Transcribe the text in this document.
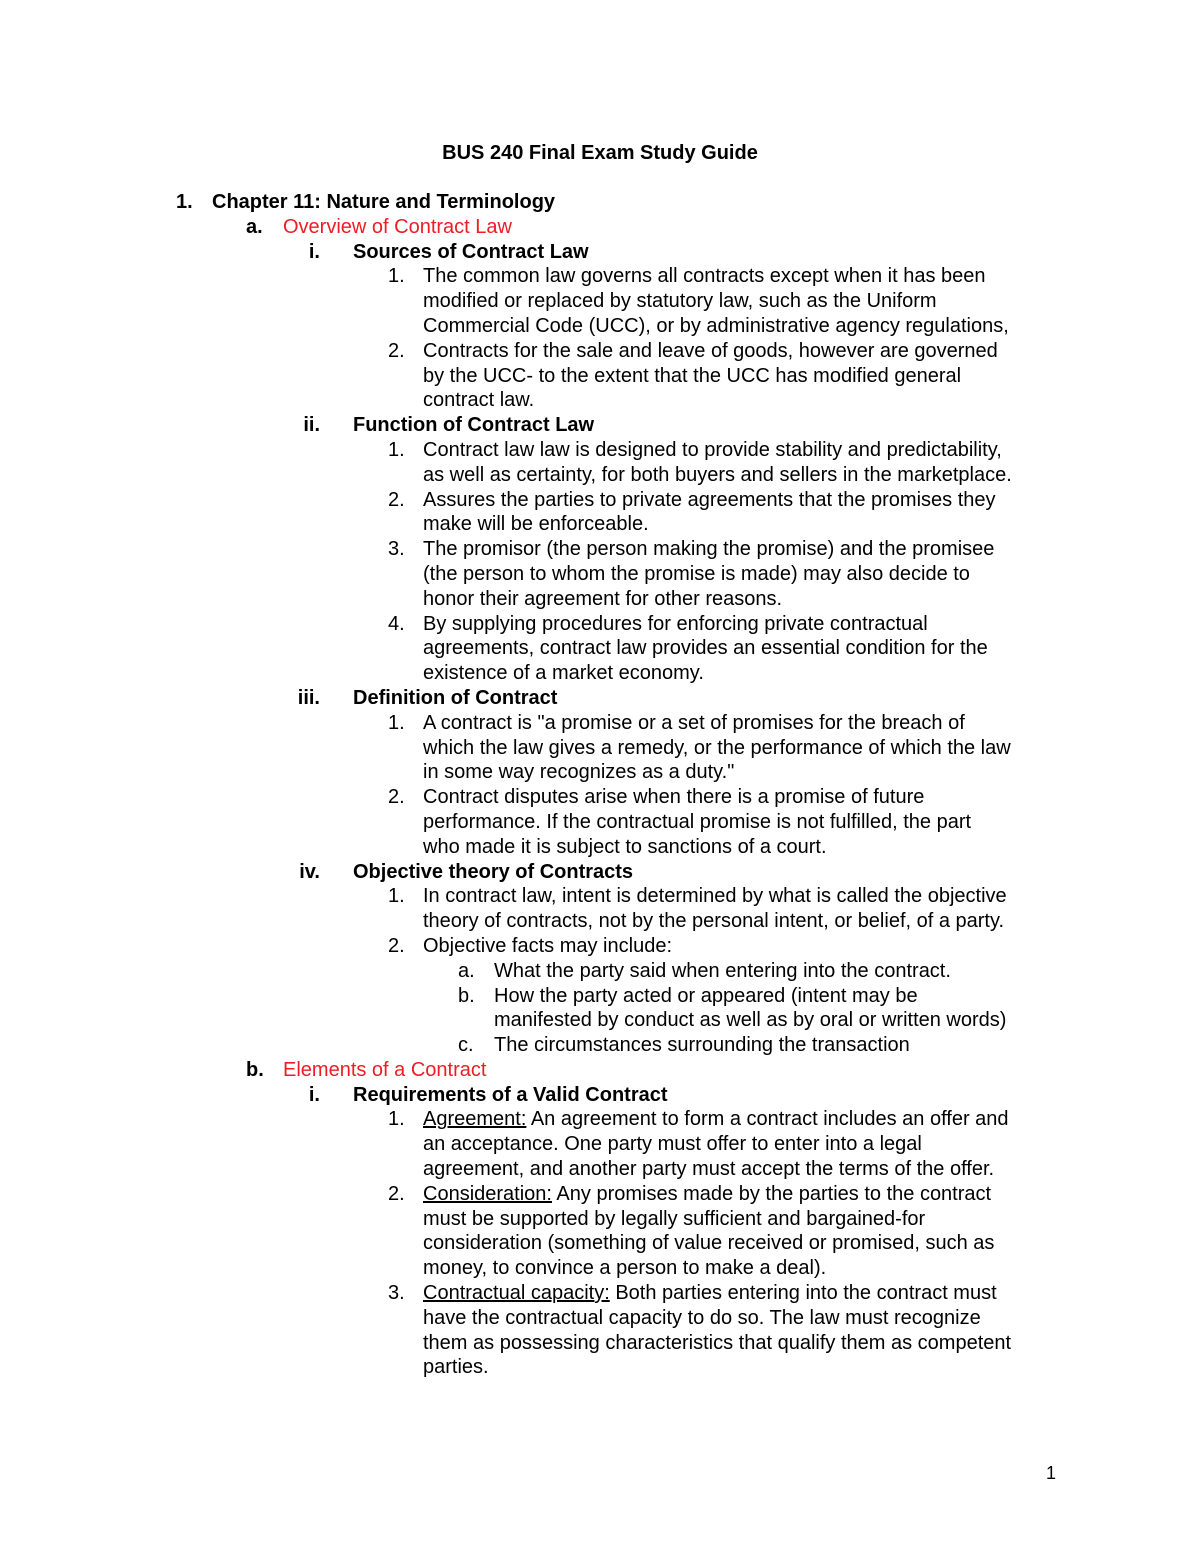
BUS 240 Final Exam Study Guide
1. Chapter 11: Nature and Terminology
a. Overview of Contract Law
i. Sources of Contract Law
1. The common law governs all contracts except when it has been
modified or replaced by statutory law, such as the Uniform
Commercial Code (UCC), or by administrative agency regulations,
2. Contracts for the sale and leave of goods, however are governed
by the UCC- to the extent that the UCC has modified general
contract law.
ii. Function of Contract Law
1. Contract law law is designed to provide stability and predictability,
as well as certainty, for both buyers and sellers in the marketplace.
2. Assures the parties to private agreements that the promises they
make will be enforceable.
3. The promisor (the person making the promise) and the promisee
(the person to whom the promise is made) may also decide to
honor their agreement for other reasons.
4. By supplying procedures for enforcing private contractual
agreements, contract law provides an essential condition for the
existence of a market economy.
iii. Definition of Contract
1. A contract is "a promise or a set of promises for the breach of
which the law gives a remedy, or the performance of which the law
in some way recognizes as a duty."
2. Contract disputes arise when there is a promise of future
performance. If the contractual promise is not fulfilled, the part
who made it is subject to sanctions of a court.
iv. Objective theory of Contracts
1. In contract law, intent is determined by what is called the objective
theory of contracts, not by the personal intent, or belief, of a party.
2. Objective facts may include:
a. What the party said when entering into the contract.
b. How the party acted or appeared (intent may be
manifested by conduct as well as by oral or written words)
c. The circumstances surrounding the transaction
b. Elements of a Contract
i. Requirements of a Valid Contract
1. Agreement: An agreement to form a contract includes an offer and
an acceptance. One party must offer to enter into a legal
agreement, and another party must accept the terms of the offer.
2. Consideration: Any promises made by the parties to the contract
must be supported by legally sufficient and bargained-for
consideration (something of value received or promised, such as
money, to convince a person to make a deal).
3. Contractual capacity: Both parties entering into the contract must
have the contractual capacity to do so. The law must recognize
them as possessing characteristics that qualify them as competent
parties.
1
